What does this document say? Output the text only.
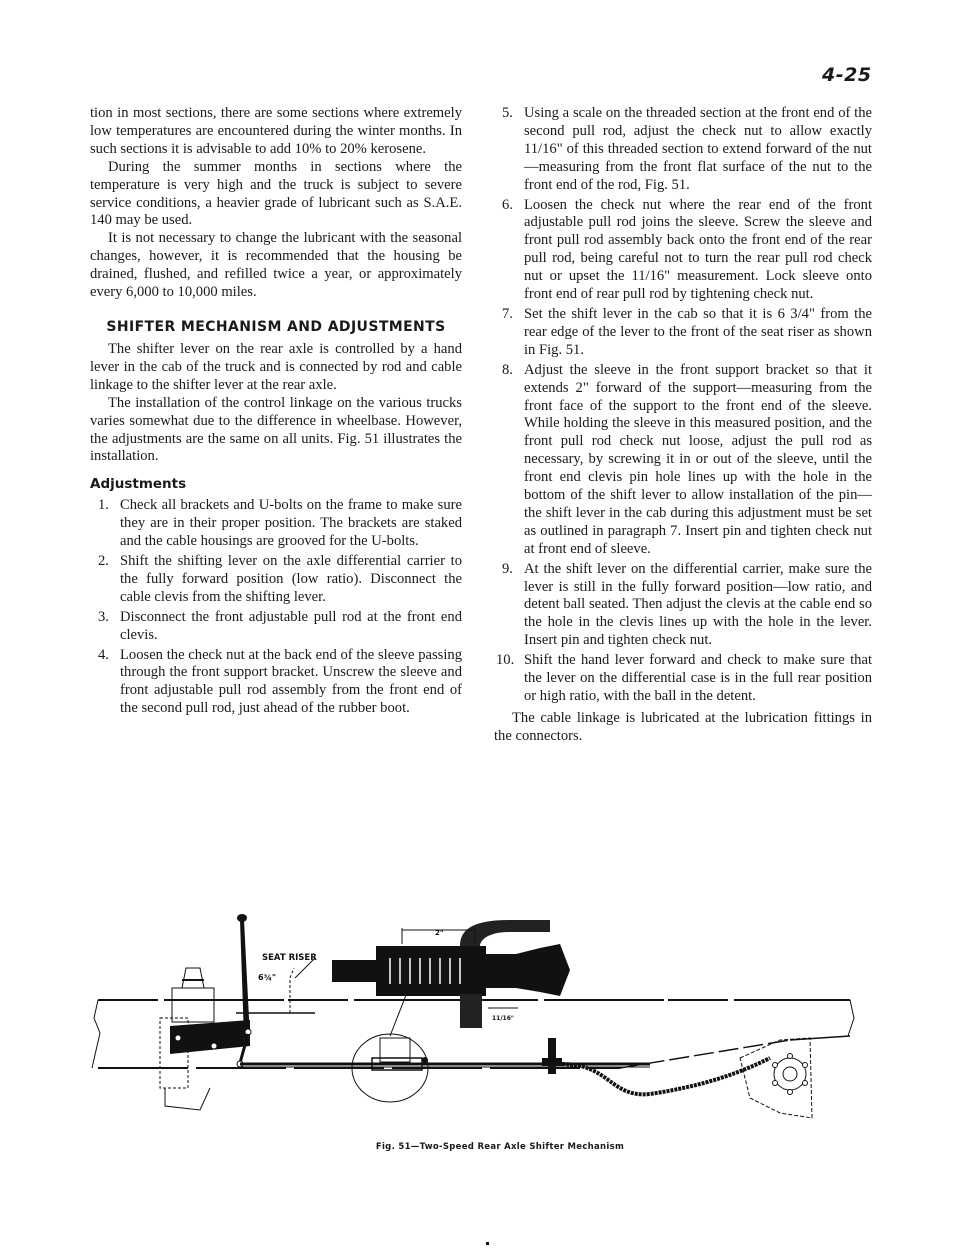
4-25

tion in most sections, there are some sections where extremely low temperatures are encountered during the winter months. In such sections it is advisable to add 10% to 20% kerosene.

During the summer months in sections where the temperature is very high and the truck is subject to severe service conditions, a heavier grade of lubricant such as S.A.E. 140 may be used.

It is not necessary to change the lubricant with the seasonal changes, however, it is recommended that the housing be drained, flushed, and refilled twice a year, or approximately every 6,000 to 10,000 miles.

SHIFTER MECHANISM AND ADJUSTMENTS

The shifter lever on the rear axle is controlled by a hand lever in the cab of the truck and is connected by rod and cable linkage to the shifter lever at the rear axle.

The installation of the control linkage on the various trucks varies somewhat due to the difference in wheelbase. However, the adjustments are the same on all units. Fig. 51 illustrates the installation.

Adjustments
1. Check all brackets and U-bolts on the frame to make sure they are in their proper position. The brackets are staked and the cable housings are grooved for the U-bolts.
2. Shift the shifting lever on the axle differential carrier to the fully forward position (low ratio). Disconnect the cable clevis from the shifting lever.
3. Disconnect the front adjustable pull rod at the front end clevis.
4. Loosen the check nut at the back end of the sleeve passing through the front support bracket. Unscrew the sleeve and front adjustable pull rod assembly from the front end of the second pull rod, just ahead of the rubber boot.
5. Using a scale on the threaded section at the front end of the second pull rod, adjust the check nut to allow exactly 11/16" of this threaded section to extend forward of the nut —measuring from the front flat surface of the nut to the front end of the rod, Fig. 51.
6. Loosen the check nut where the rear end of the front adjustable pull rod joins the sleeve. Screw the sleeve and front pull rod assembly back onto the front end of the rear pull rod, being careful not to turn the rear pull rod check nut or upset the 11/16" measurement. Lock sleeve onto front end of rear pull rod by tightening check nut.
7. Set the shift lever in the cab so that it is 6 3/4" from the rear edge of the lever to the front of the seat riser as shown in Fig. 51.
8. Adjust the sleeve in the front support bracket so that it extends 2" forward of the support—measuring from the front face of the support to the front end of the sleeve. While holding the sleeve in this measured position, and the front pull rod check nut loose, adjust the pull rod as necessary, by screwing it in or out of the sleeve, until the front end clevis pin hole lines up with the hole in the bottom of the shift lever to allow installation of the pin—the shift lever in the cab during this adjustment must be set as outlined in paragraph 7. Insert pin and tighten check nut at front end of sleeve.
9. At the shift lever on the differential carrier, make sure the lever is still in the fully forward position—low ratio, and detent ball seated. Then adjust the clevis at the cable end so the hole in the clevis lines up with the hole in the lever. Insert pin and tighten check nut.
10. Shift the hand lever forward and check to make sure that the lever on the differential case is in the full rear position or high ratio, with the ball in the detent.

The cable linkage is lubricated at the lubrication fittings in the connectors.

SEAT RISER
6¾"
2"
11/16"
Fig. 51—Two-Speed Rear Axle Shifter Mechanism
